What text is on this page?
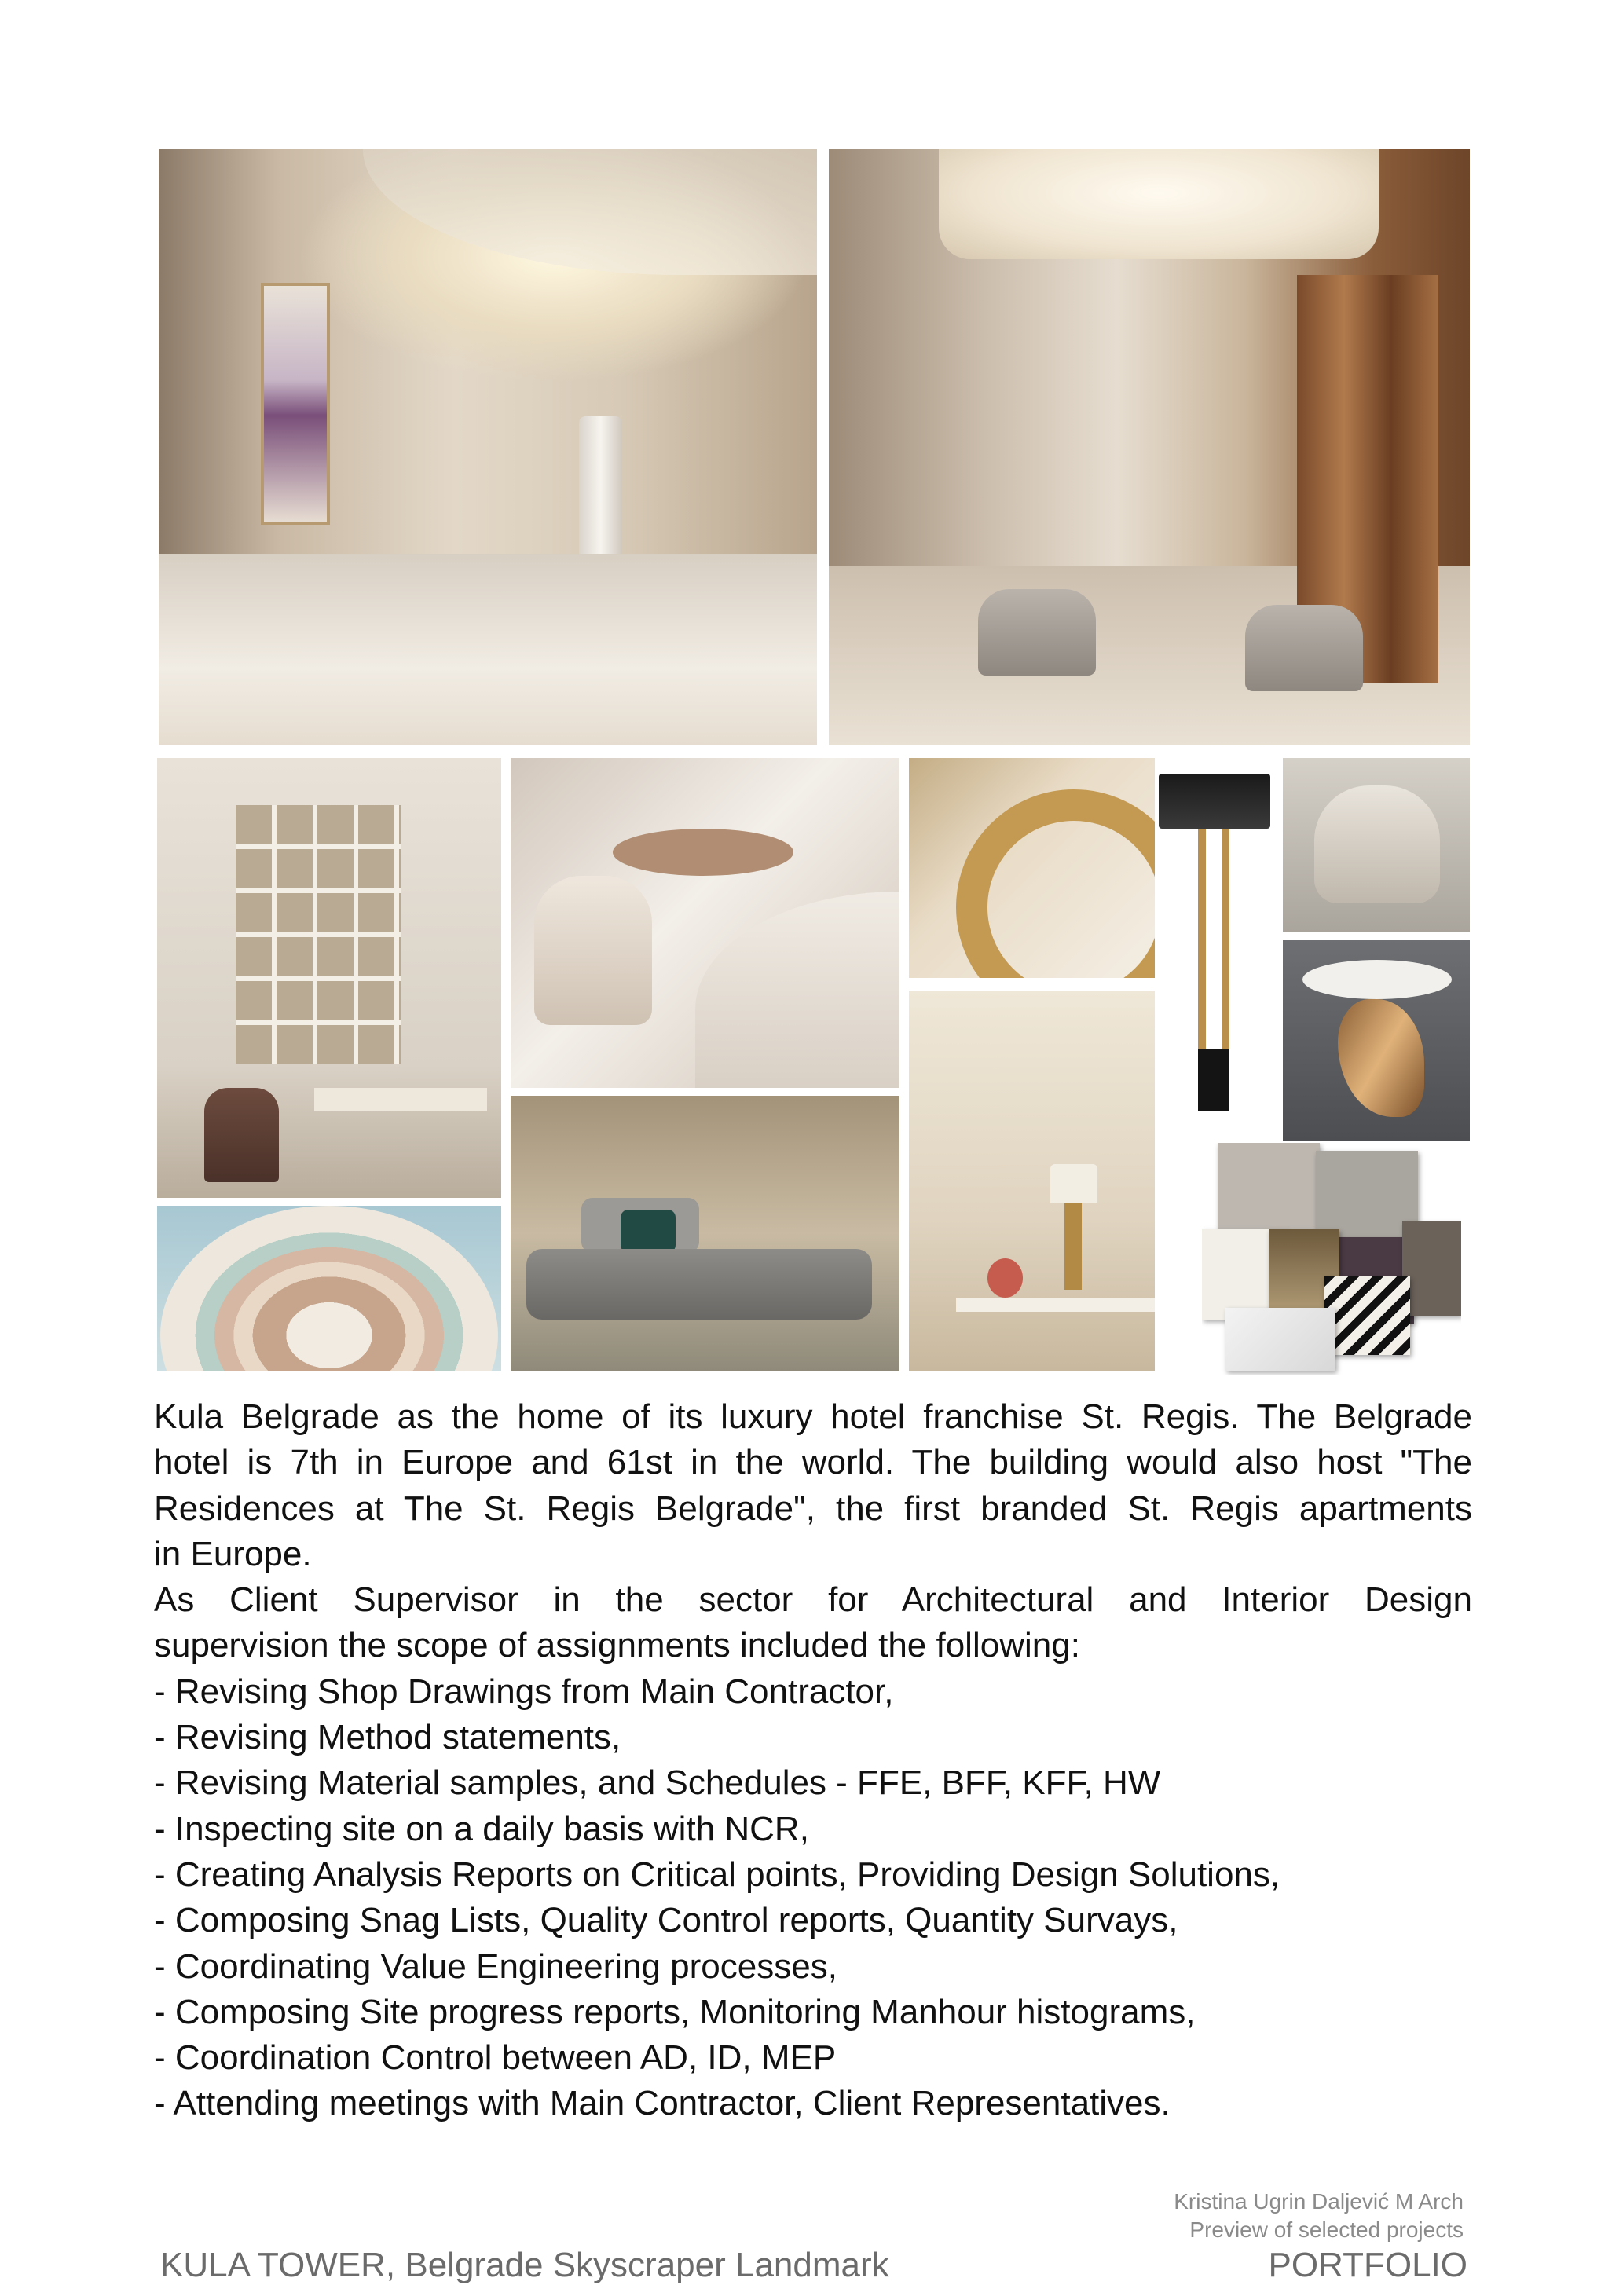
Kula Belgrade as the home of its luxury hotel franchise St. Regis. The Belgrade

hotel is 7th in Europe and 61st in the world. The building would also host "The

Residences at The St. Regis Belgrade", the first branded St. Regis apartments

in Europe.

As Client Supervisor in the sector for Architectural and Interior Design

supervision the scope of assignments included the following:

- Revising Shop Drawings from Main Contractor,

- Revising Method statements,

- Revising Material samples, and Schedules - FFE, BFF, KFF, HW

- Inspecting site on a daily basis with NCR,

- Creating Analysis Reports on Critical points, Providing Design Solutions,

- Composing Snag Lists, Quality Control reports, Quantity Survays,

- Coordinating Value Engineering processes,

- Composing Site progress reports, Monitoring Manhour histograms,

- Coordination Control between AD, ID, MEP

- Attending meetings with Main Contractor, Client Representatives.

Kristina Ugrin Daljević M Arch
Preview of selected projects
KULA TOWER, Belgrade Skyscraper Landmark	PORTFOLIO
